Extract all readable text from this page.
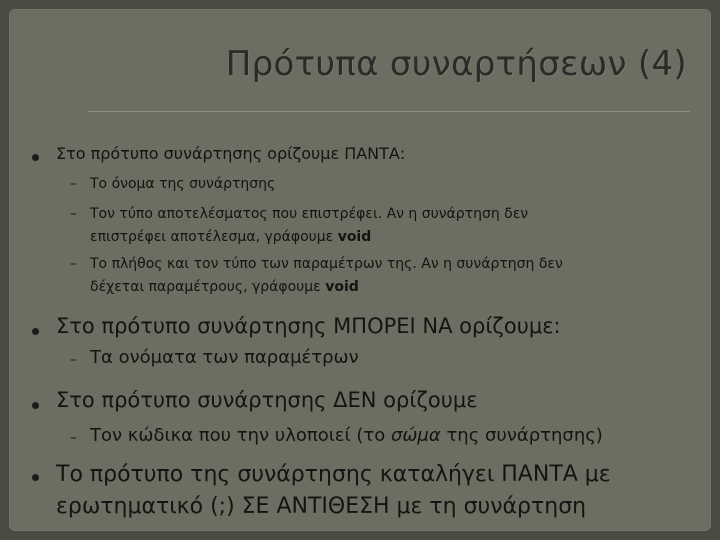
Πρότυπα συναρτήσεων (4)
Στο πρότυπο συνάρτησης ορίζουμε ΠΑΝΤΑ:
– Το όνομα της συνάρτησης
– Τον τύπο αποτελέσματος που επιστρέφει. Αν η συνάρτηση δεν
επιστρέφει αποτέλεσμα, γράφουμε void
– Το πλήθος και τον τύπο των παραμέτρων της. Αν η συνάρτηση δεν
δέχεται παραμέτρους, γράφουμε void
Στο πρότυπο συνάρτησης ΜΠΟΡΕΙ ΝΑ ορίζουμε:
– Τα ονόματα των παραμέτρων
Στο πρότυπο συνάρτησης ΔΕΝ ορίζουμε
– Τον κώδικα που την υλοποιεί (το σώμα της συνάρτησης)
Το πρότυπο της συνάρτησης καταλήγει ΠΑΝΤΑ με
ερωτηματικό (;) ΣΕ ΑΝΤΙΘΕΣΗ με τη συνάρτηση
